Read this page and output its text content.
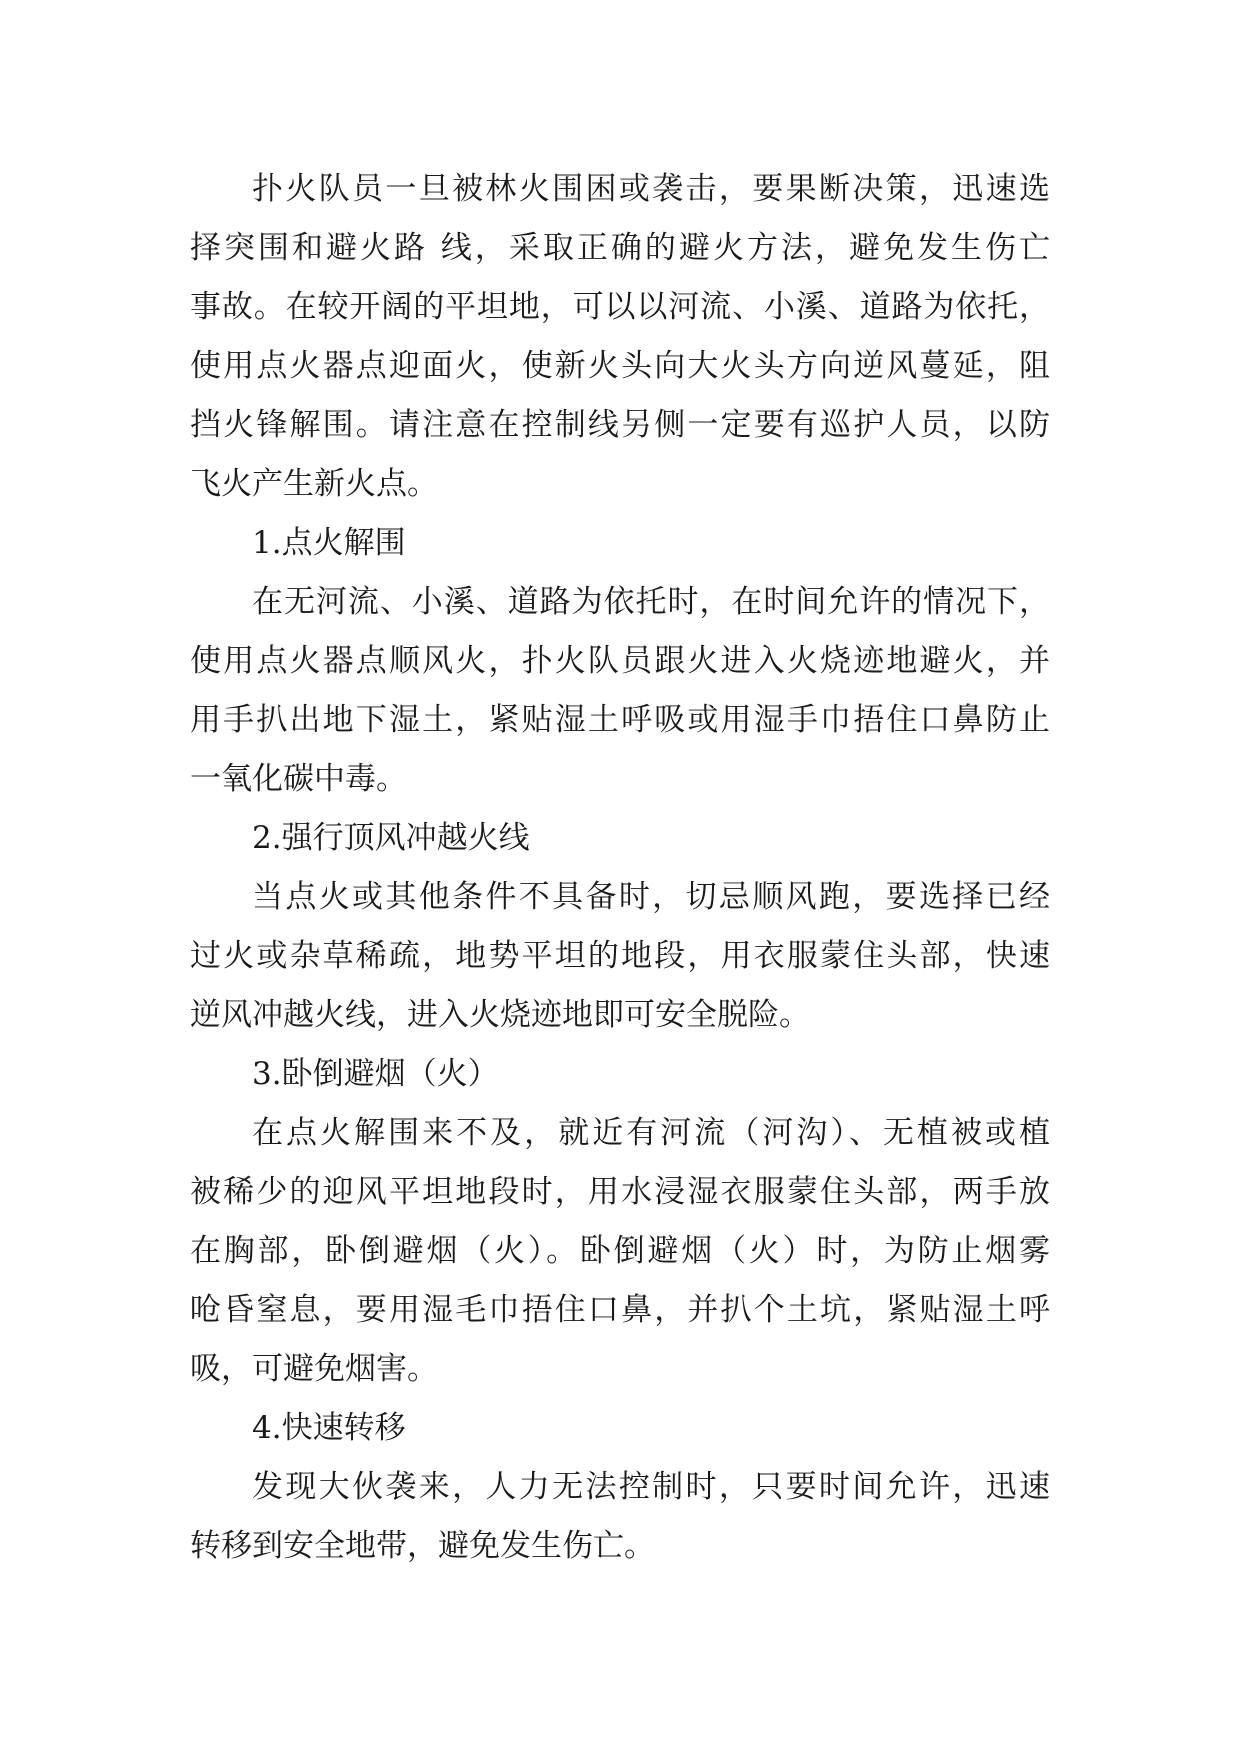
扑火队员一旦被林火围困或袭击，要果断决策，迅速选
择突围和避火路 线，采取正确的避火方法，避免发生伤亡
事故。在较开阔的平坦地，可以以河流、小溪、道路为依托，
使用点火器点迎面火，使新火头向大火头方向逆风蔓延，阻
挡火锋解围。请注意在控制线另侧一定要有巡护人员，以防
飞火产生新火点。
1.点火解围
在无河流、小溪、道路为依托时，在时间允许的情况下，
使用点火器点顺风火，扑火队员跟火进入火烧迹地避火，并
用手扒出地下湿土，紧贴湿土呼吸或用湿手巾捂住口鼻防止
一氧化碳中毒。
2.强行顶风冲越火线
当点火或其他条件不具备时，切忌顺风跑，要选择已经
过火或杂草稀疏，地势平坦的地段，用衣服蒙住头部，快速
逆风冲越火线，进入火烧迹地即可安全脱险。
3.卧倒避烟（火）
在点火解围来不及，就近有河流（河沟）、无植被或植
被稀少的迎风平坦地段时，用水浸湿衣服蒙住头部，两手放
在胸部，卧倒避烟（火）。卧倒避烟（火）时，为防止烟雾
呛昏窒息，要用湿毛巾捂住口鼻，并扒个土坑，紧贴湿土呼
吸，可避免烟害。
4.快速转移
发现大伙袭来，人力无法控制时，只要时间允许，迅速
转移到安全地带，避免发生伤亡。
